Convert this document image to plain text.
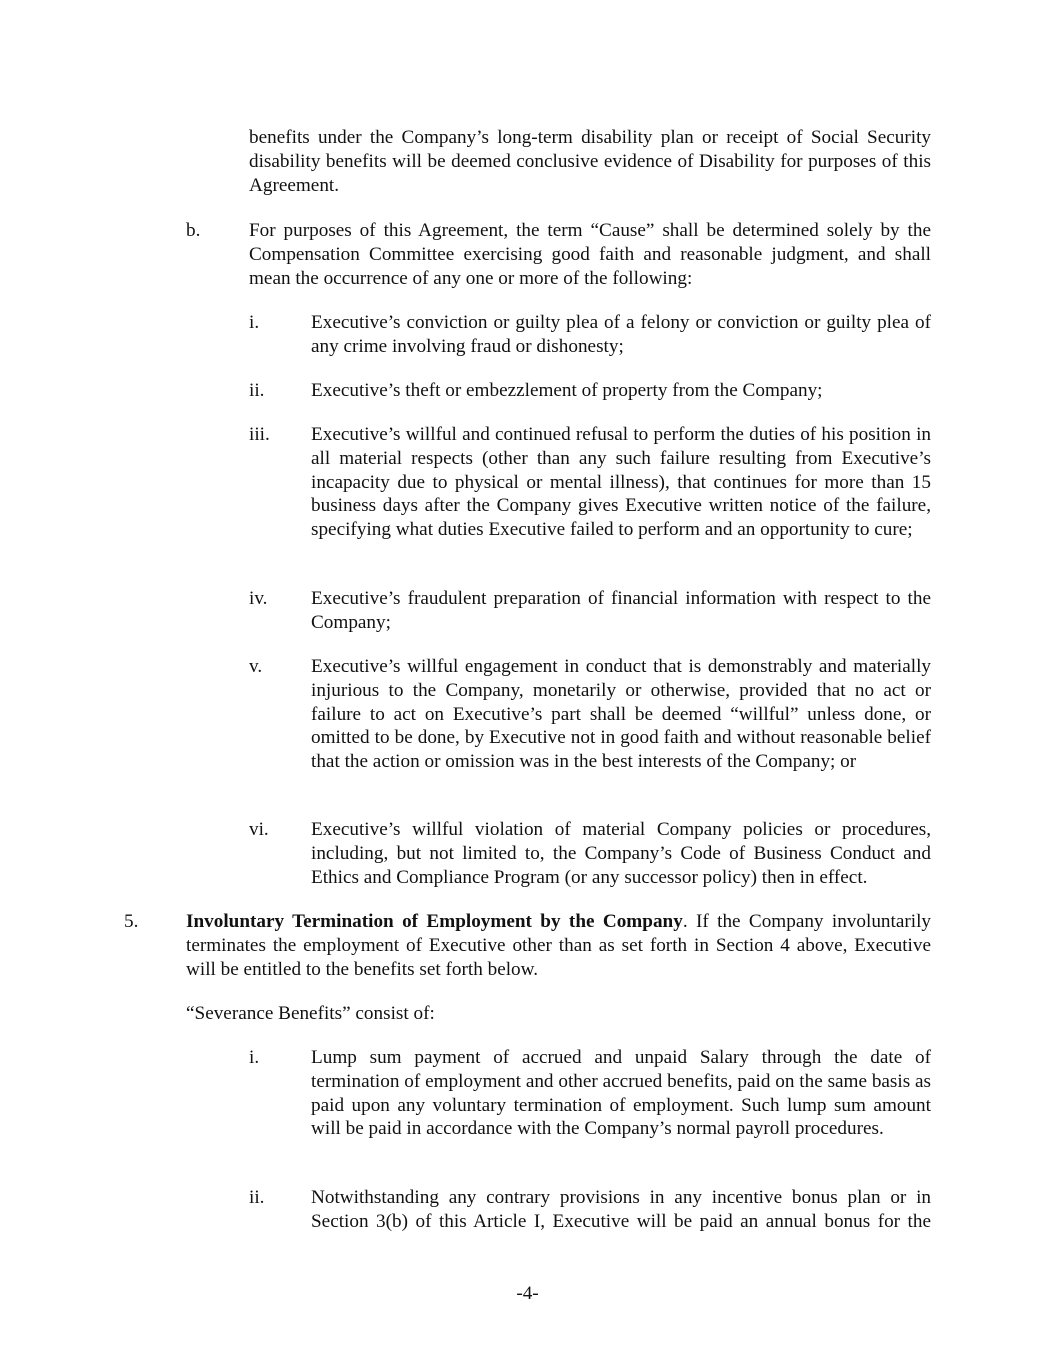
benefits under the Company’s long-term disability plan or receipt of Social Security disability benefits will be deemed conclusive evidence of Disability for purposes of this Agreement.
b.	For purposes of this Agreement, the term “Cause” shall be determined solely by the Compensation Committee exercising good faith and reasonable judgment, and shall mean the occurrence of any one or more of the following:
i.	Executive’s conviction or guilty plea of a felony or conviction or guilty plea of any crime involving fraud or dishonesty;
ii. Executive’s theft or embezzlement of property from the Company;
iii. Executive’s willful and continued refusal to perform the duties of his position in all material respects (other than any such failure resulting from Executive’s incapacity due to physical or mental illness), that continues for more than 15 business days after the Company gives Executive written notice of the failure, specifying what duties Executive failed to perform and an opportunity to cure;
iv. Executive’s fraudulent preparation of financial information with respect to the Company;
v.	Executive’s willful engagement in conduct that is demonstrably and materially injurious to the Company, monetarily or otherwise, provided that no act or failure to act on Executive’s part shall be deemed “willful” unless done, or omitted to be done, by Executive not in good faith and without reasonable belief that the action or omission was in the best interests of the Company; or
vi. Executive’s willful violation of material Company policies or procedures, including, but not limited to, the Company’s Code of Business Conduct and Ethics and Compliance Program (or any successor policy) then in effect.
5. Involuntary Termination of Employment by the Company. If the Company involuntarily terminates the employment of Executive other than as set forth in Section 4 above, Executive will be entitled to the benefits set forth below.
“Severance Benefits” consist of:
i.	Lump sum payment of accrued and unpaid Salary through the date of termination of employment and other accrued benefits, paid on the same basis as paid upon any voluntary termination of employment. Such lump sum amount will be paid in accordance with the Company’s normal payroll procedures.
ii. Notwithstanding any contrary provisions in any incentive bonus plan or in Section 3(b) of this Article I, Executive will be paid an annual bonus for the
-4-
